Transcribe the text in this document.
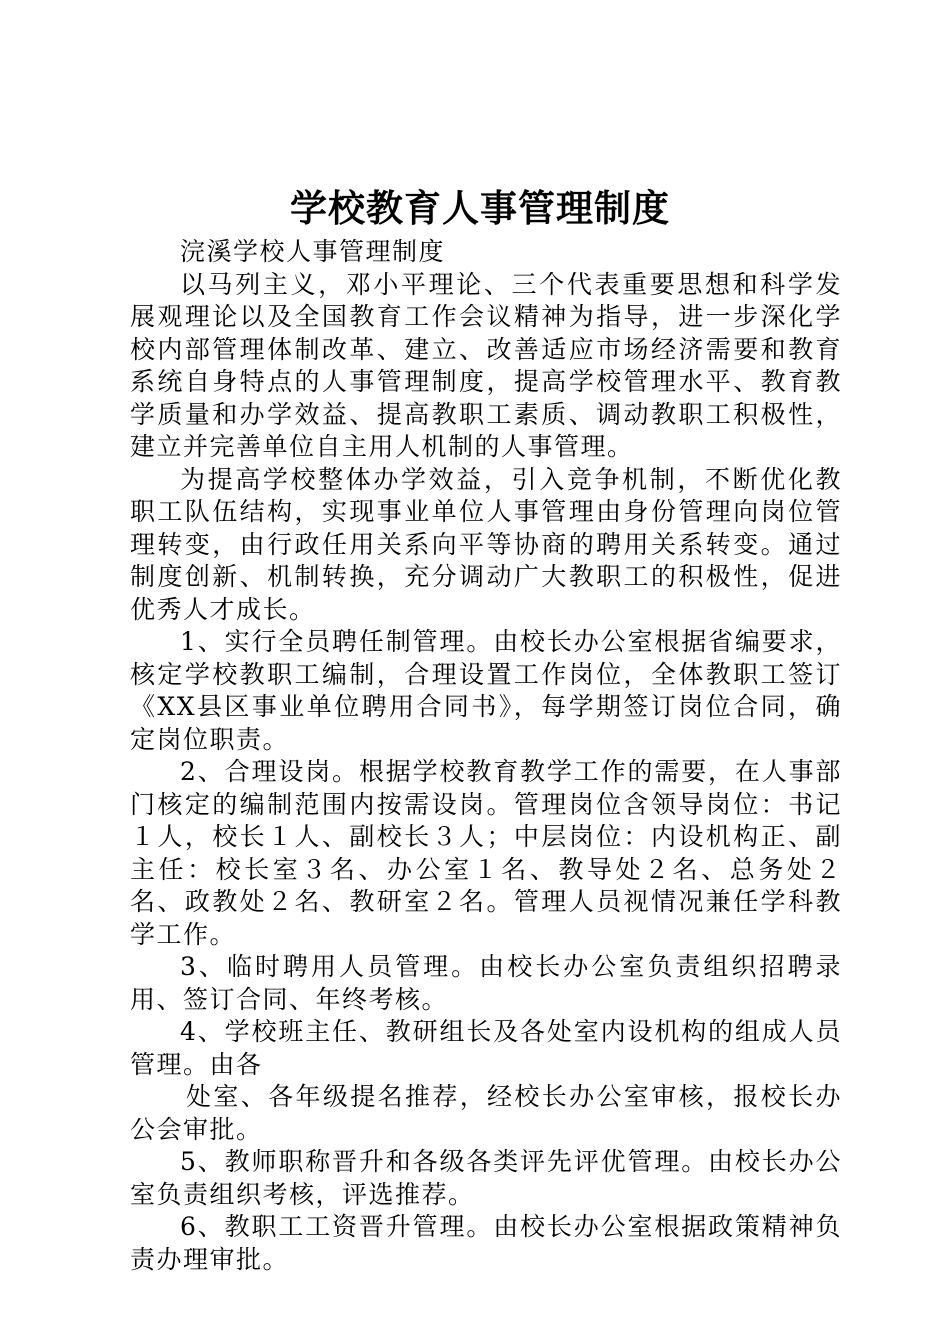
学校教育人事管理制度

浣溪学校人事管理制度

以马列主义，邓小平理论、三个代表重要思想和科学发展观理论以及全国教育工作会议精神为指导，进一步深化学校内部管理体制改革、建立、改善适应市场经济需要和教育系统自身特点的人事管理制度，提高学校管理水平、教育教学质量和办学效益、提高教职工素质、调动教职工积极性，建立并完善单位自主用人机制的人事管理。

为提高学校整体办学效益，引入竞争机制，不断优化教职工队伍结构，实现事业单位人事管理由身份管理向岗位管理转变，由行政任用关系向平等协商的聘用关系转变。通过制度创新、机制转换，充分调动广大教职工的积极性，促进优秀人才成长。

1、实行全员聘任制管理。由校长办公室根据省编要求，核定学校教职工编制，合理设置工作岗位，全体教职工签订《XX县区事业单位聘用合同书》，每学期签订岗位合同，确定岗位职责。

2、合理设岗。根据学校教育教学工作的需要，在人事部门核定的编制范围内按需设岗。管理岗位含领导岗位：书记１人，校长１人、副校长３人；中层岗位：内设机构正、副主任：校长室３名、办公室１名、教导处２名、总务处２名、政教处２名、教研室２名。管理人员视情况兼任学科教学工作。

3、临时聘用人员管理。由校长办公室负责组织招聘录用、签订合同、年终考核。

4、学校班主任、教研组长及各处室内设机构的组成人员管理。由各

处室、各年级提名推荐，经校长办公室审核，报校长办公会审批。

5、教师职称晋升和各级各类评先评优管理。由校长办公室负责组织考核，评选推荐。

6、教职工工资晋升管理。由校长办公室根据政策精神负责办理审批。
